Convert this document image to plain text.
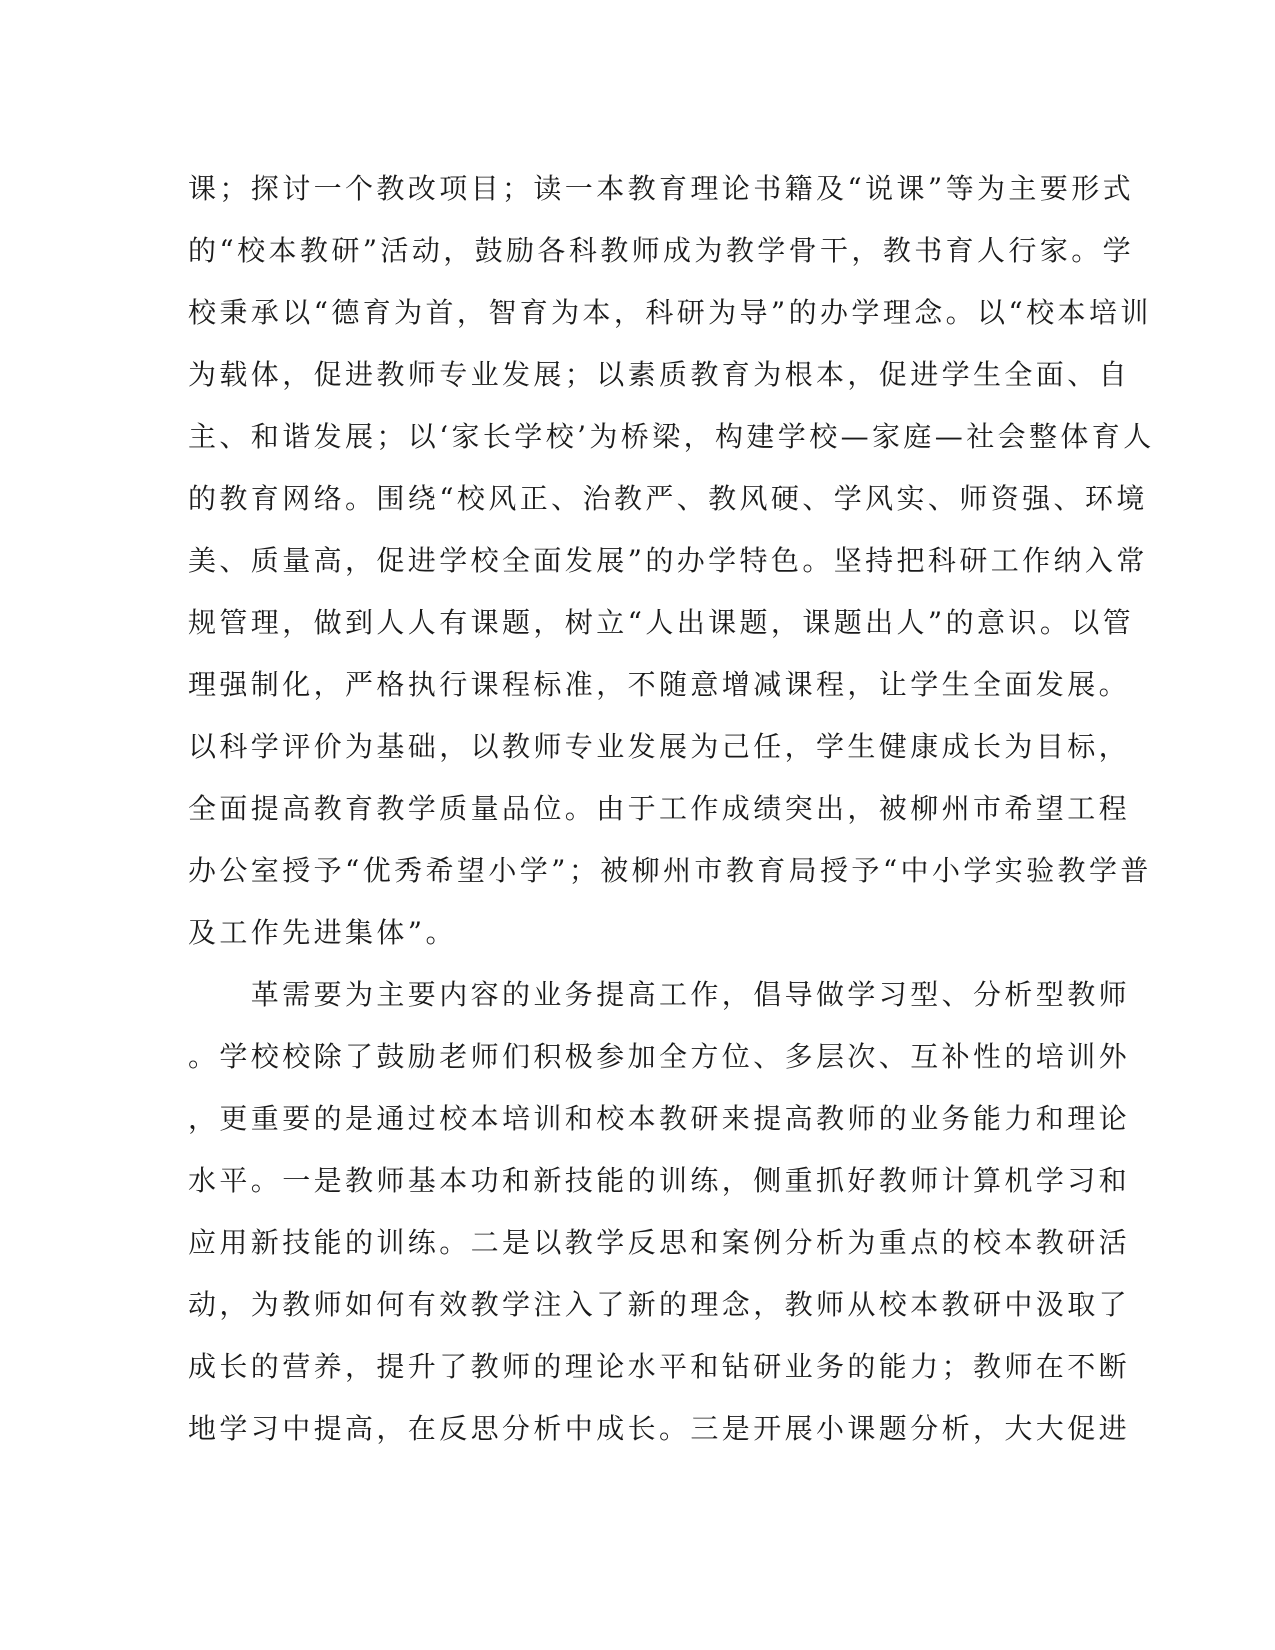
课；探讨一个教改项目；读一本教育理论书籍及“说课”等为主要形式
的“校本教研”活动，鼓励各科教师成为教学骨干，教书育人行家。学
校秉承以“德育为首，智育为本，科研为导”的办学理念。以“校本培训
为载体，促进教师专业发展；以素质教育为根本，促进学生全面、自
主、和谐发展；以‘家长学校’为桥梁，构建学校—家庭—社会整体育人
的教育网络。围绕“校风正、治教严、教风硬、学风实、师资强、环境
美、质量高，促进学校全面发展”的办学特色。坚持把科研工作纳入常
规管理，做到人人有课题，树立“人出课题，课题出人”的意识。以管
理强制化，严格执行课程标准，不随意增减课程，让学生全面发展。
以科学评价为基础，以教师专业发展为己任，学生健康成长为目标，
全面提高教育教学质量品位。由于工作成绩突出，被柳州市希望工程
办公室授予“优秀希望小学”；被柳州市教育局授予“中小学实验教学普
及工作先进集体”。
　　革需要为主要内容的业务提高工作，倡导做学习型、分析型教师
。学校校除了鼓励老师们积极参加全方位、多层次、互补性的培训外
，更重要的是通过校本培训和校本教研来提高教师的业务能力和理论
水平。一是教师基本功和新技能的训练，侧重抓好教师计算机学习和
应用新技能的训练。二是以教学反思和案例分析为重点的校本教研活
动，为教师如何有效教学注入了新的理念，教师从校本教研中汲取了
成长的营养，提升了教师的理论水平和钻研业务的能力；教师在不断
地学习中提高，在反思分析中成长。三是开展小课题分析，大大促进
